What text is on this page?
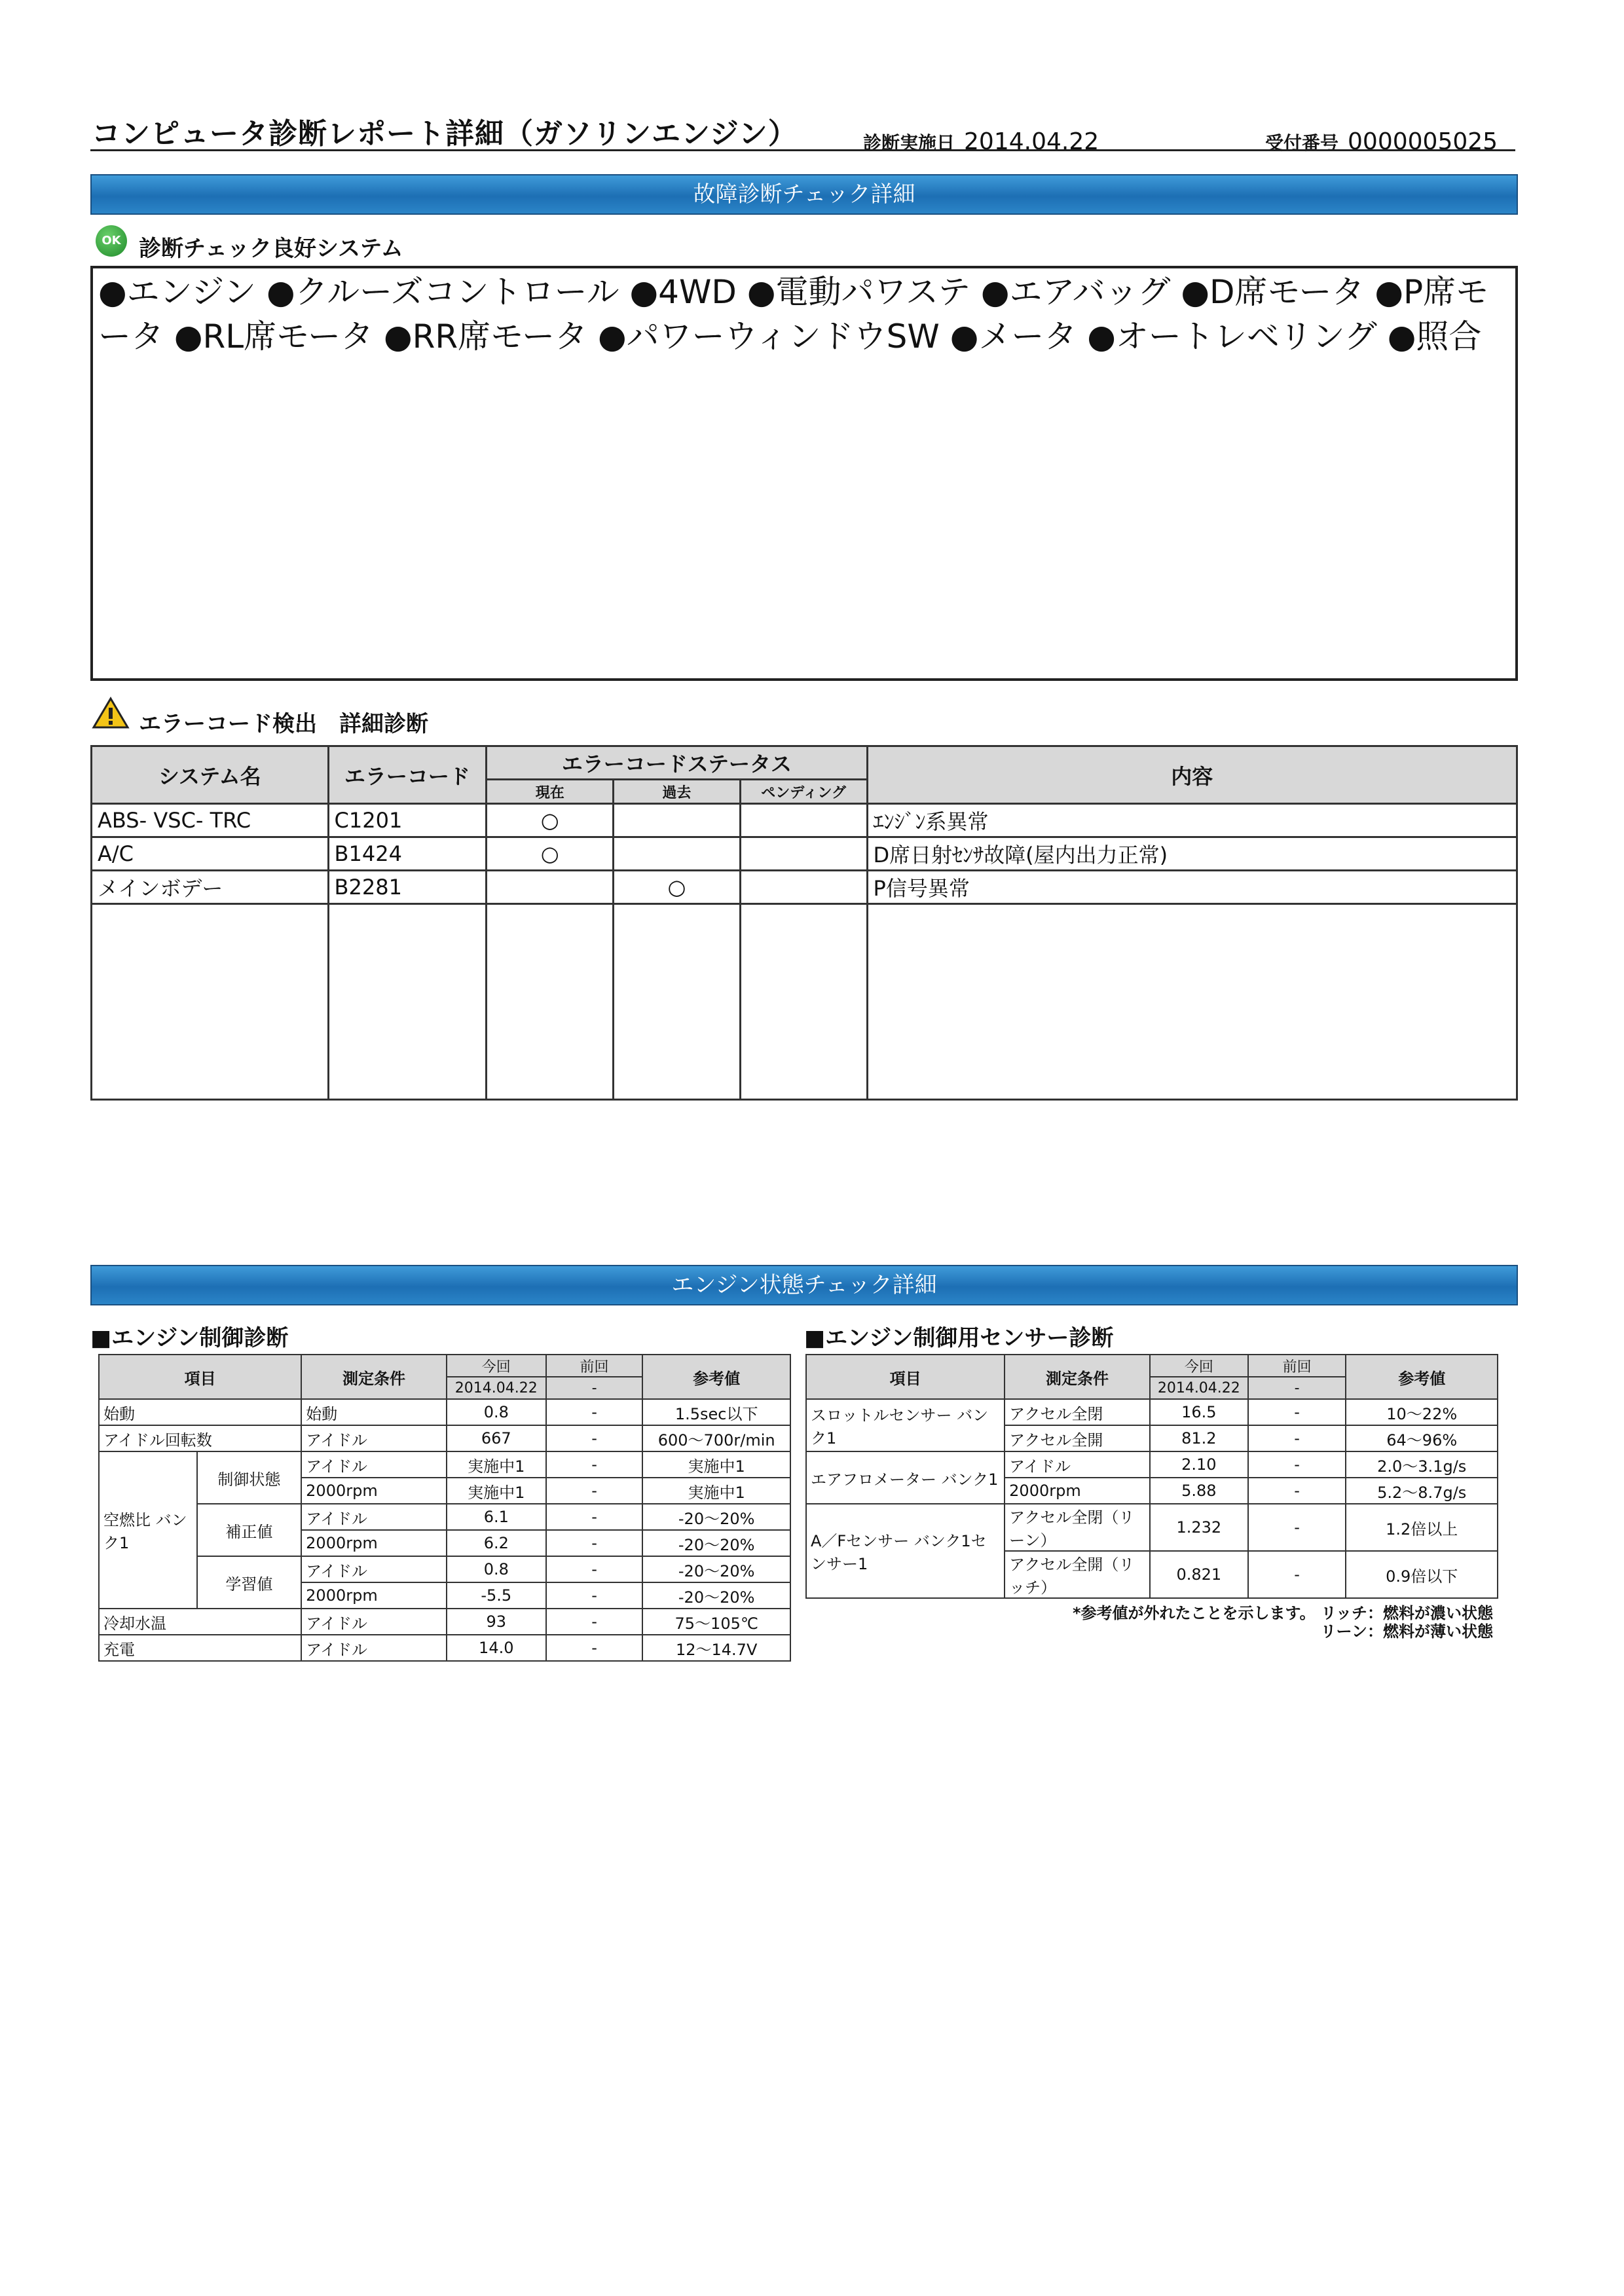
コンピュータ診断レポート詳細（ガソリンエンジン）	診断実施日 2014.04.22	受付番号 0000005025
故障診断チェック詳細
OK 診断チェック良好システム
●エンジン ●クルーズコントロール ●4WD ●電動パワステ ●エアバッグ ●D席モータ ●P席モータ ●RL席モータ ●RR席モータ ●パワーウィンドウSW ●メータ ●オートレベリング ●照合
エラーコード検出　詳細診断
システム名	エラーコード	エラーコードステータス			内容
		現在	過去	ペンディング	
ABS- VSC- TRC	C1201	○			ｴﾝｼﾞﾝ系異常
A/C	B1424	○			D席日射ｾﾝｻ故障(屋内出力正常)
メインボデー	B2281		○		P信号異常

エンジン状態チェック詳細
■エンジン制御診断	■エンジン制御用センサー診断
項目		測定条件	今回	前回	参考値
			2014.04.22	-	
始動		始動	0.8	-	1.5sec以下
アイドル回転数		アイドル	667	-	600〜700r/min
空燃比 バンク1	制御状態	アイドル	実施中1	-	実施中1
		2000rpm	実施中1	-	実施中1
	補正値	アイドル	6.1	-	-20〜20%
		2000rpm	6.2	-	-20〜20%
	学習値	アイドル	0.8	-	-20〜20%
		2000rpm	-5.5	-	-20〜20%
冷却水温		アイドル	93	-	75〜105℃
充電		アイドル	14.0	-	12〜14.7V
項目	測定条件	今回	前回	参考値
		2014.04.22	-	
スロットルセンサー バンク1	アクセル全閉	16.5	-	10〜22%
	アクセル全開	81.2	-	64〜96%
エアフロメーター バンク1	アイドル	2.10	-	2.0〜3.1g/s
	2000rpm	5.88	-	5.2〜8.7g/s
A／Fセンサー バンク1センサー1	アクセル全閉（リーン）	1.232	-	1.2倍以上
	アクセル全開（リッチ）	0.821	-	0.9倍以下
*参考値が外れたことを示します。 リッチ：燃料が濃い状態
リーン：燃料が薄い状態
